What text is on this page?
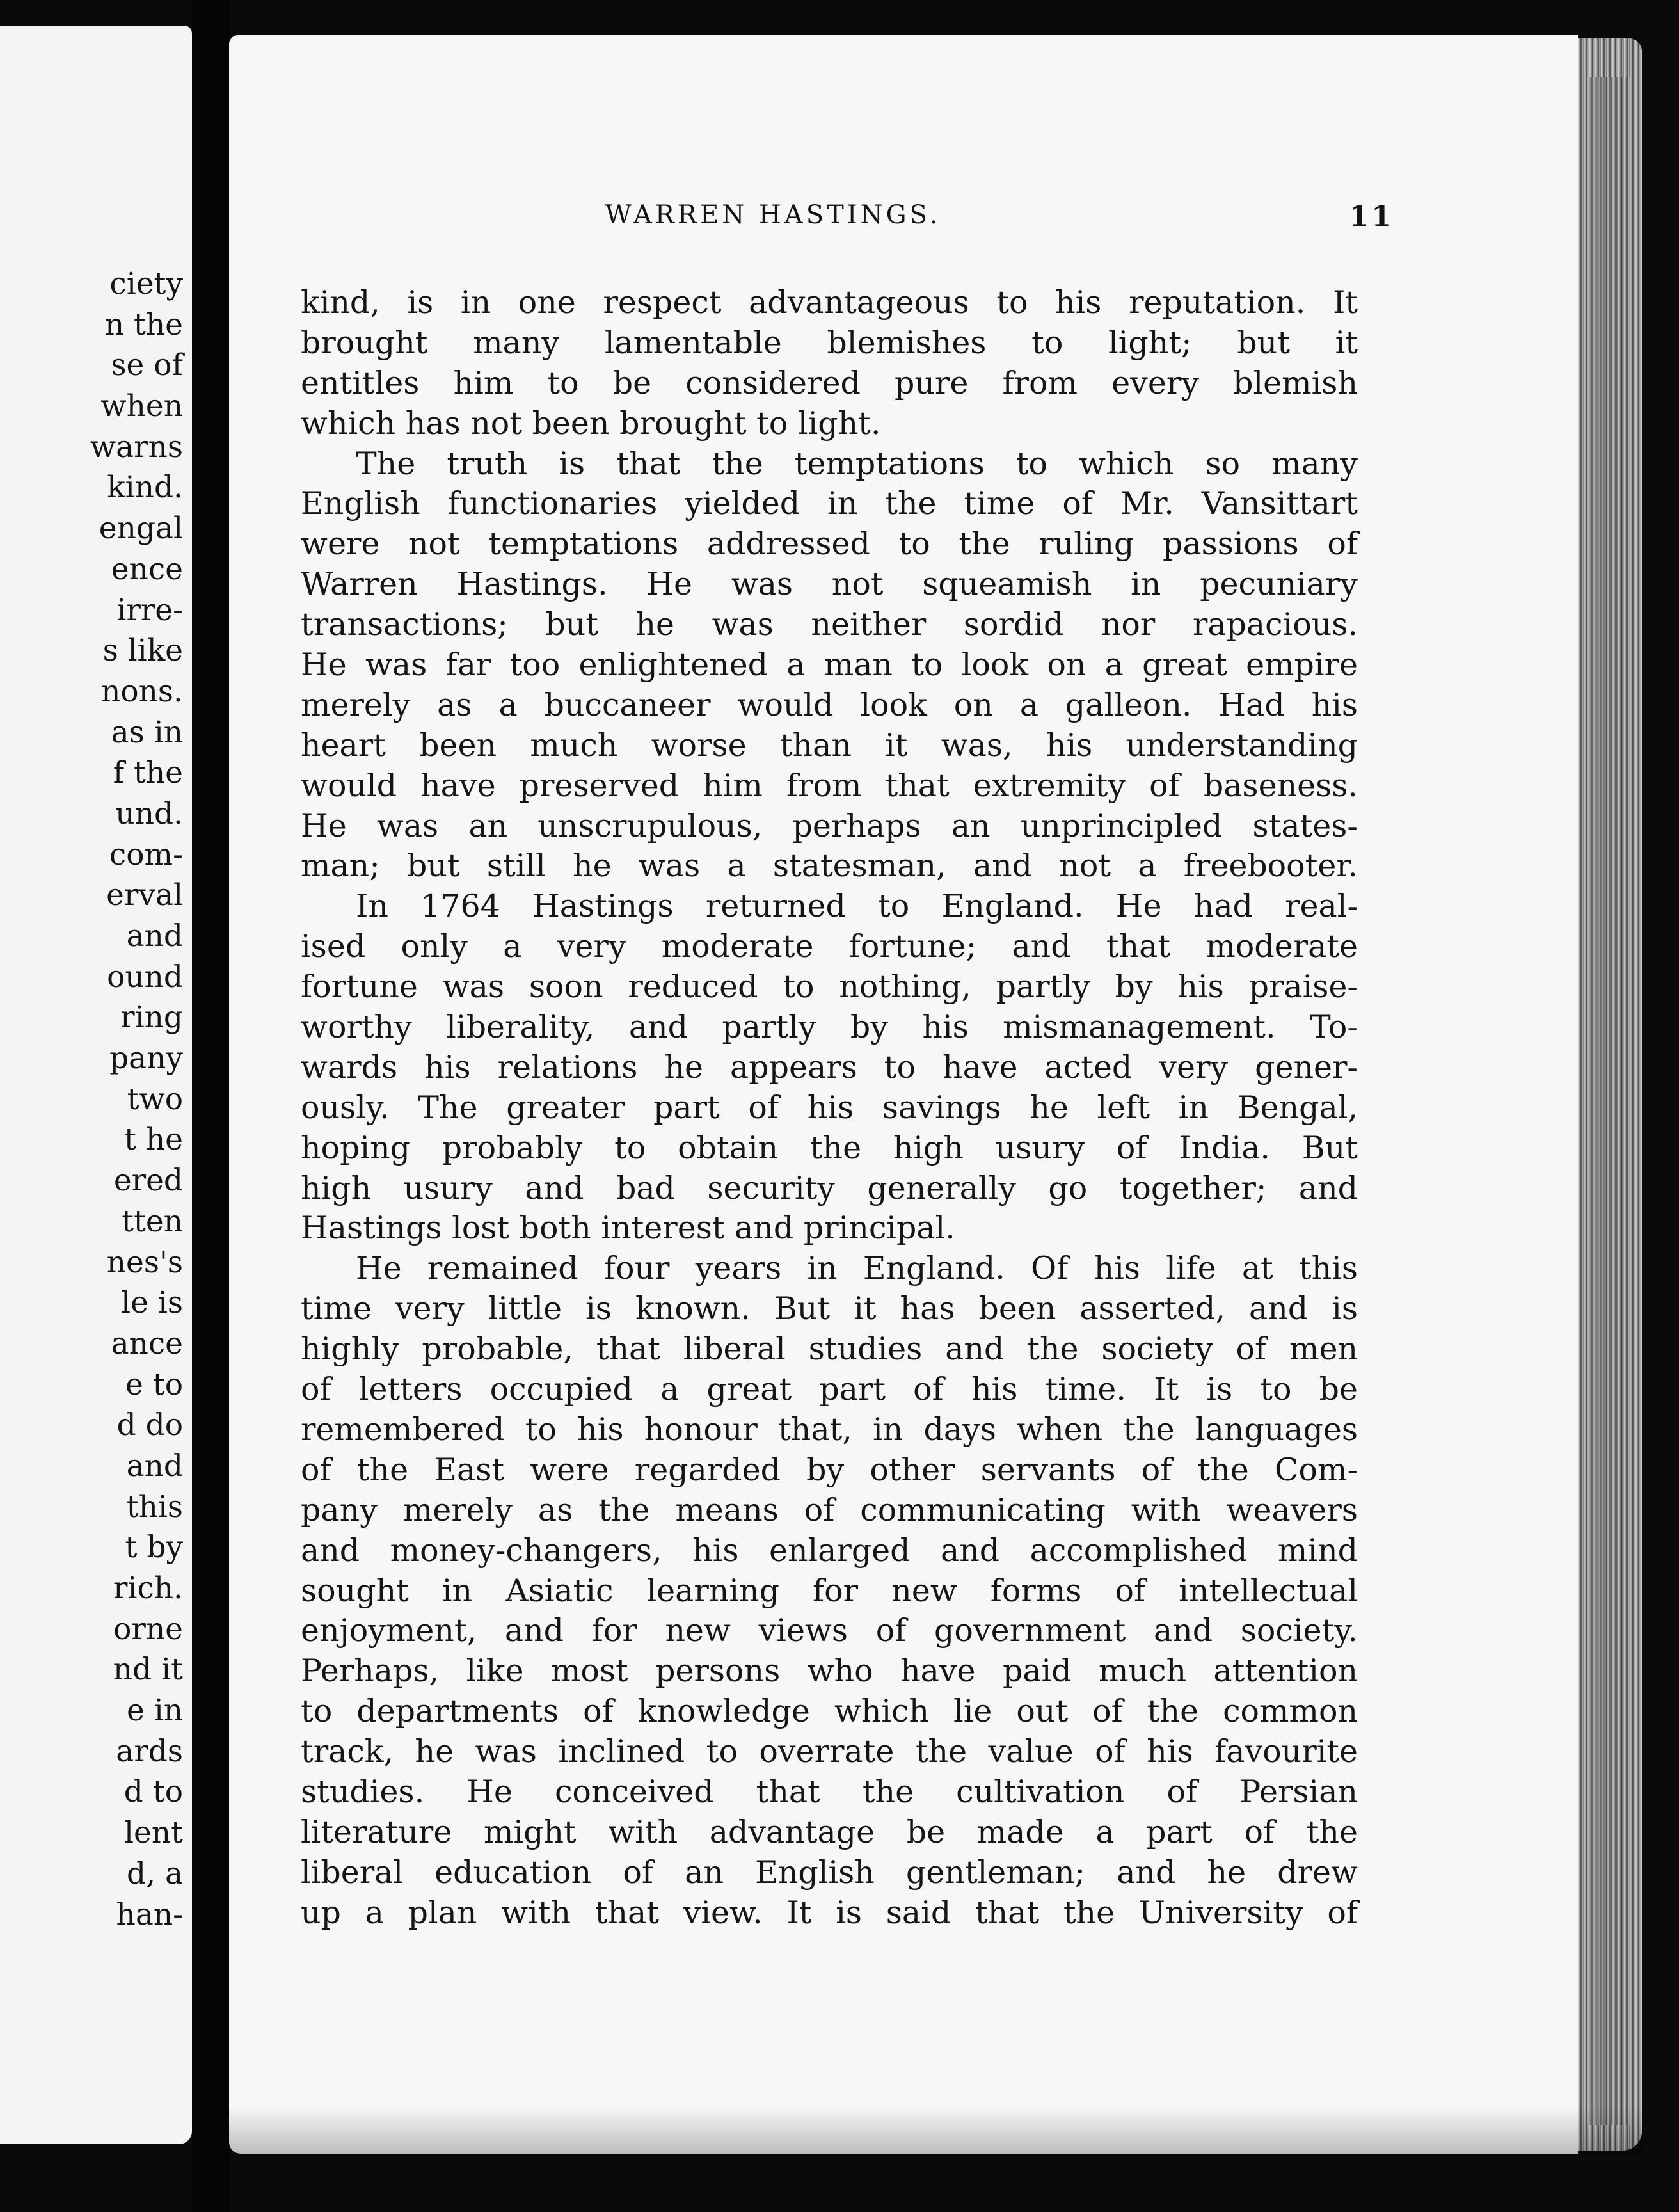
ciety
n the
se of
when
warns
kind.
engal
ence
irre-
s like
nons.
as in
f the
und.
com-
erval
and
ound
ring
pany
two
t he
ered
tten
nes's
le is
ance
e to
d do
and
this
t by
rich.
orne
nd it
e in
ards
d to
lent
d, a
han-

WARREN HASTINGS.	11

kind, is in one respect advantageous to his reputation. It
brought many lamentable blemishes to light; but it
entitles him to be considered pure from every blemish
which has not been brought to light.
The truth is that the temptations to which so many
English functionaries yielded in the time of Mr. Vansittart
were not temptations addressed to the ruling passions of
Warren Hastings. He was not squeamish in pecuniary
transactions; but he was neither sordid nor rapacious.
He was far too enlightened a man to look on a great empire
merely as a buccaneer would look on a galleon. Had his
heart been much worse than it was, his understanding
would have preserved him from that extremity of baseness.
He was an unscrupulous, perhaps an unprincipled states-
man; but still he was a statesman, and not a freebooter.
In 1764 Hastings returned to England. He had real-
ised only a very moderate fortune; and that moderate
fortune was soon reduced to nothing, partly by his praise-
worthy liberality, and partly by his mismanagement. To-
wards his relations he appears to have acted very gener-
ously. The greater part of his savings he left in Bengal,
hoping probably to obtain the high usury of India. But
high usury and bad security generally go together; and
Hastings lost both interest and principal.
He remained four years in England. Of his life at this
time very little is known. But it has been asserted, and is
highly probable, that liberal studies and the society of men
of letters occupied a great part of his time. It is to be
remembered to his honour that, in days when the languages
of the East were regarded by other servants of the Com-
pany merely as the means of communicating with weavers
and money-changers, his enlarged and accomplished mind
sought in Asiatic learning for new forms of intellectual
enjoyment, and for new views of government and society.
Perhaps, like most persons who have paid much attention
to departments of knowledge which lie out of the common
track, he was inclined to overrate the value of his favourite
studies. He conceived that the cultivation of Persian
literature might with advantage be made a part of the
liberal education of an English gentleman; and he drew
up a plan with that view. It is said that the University of
